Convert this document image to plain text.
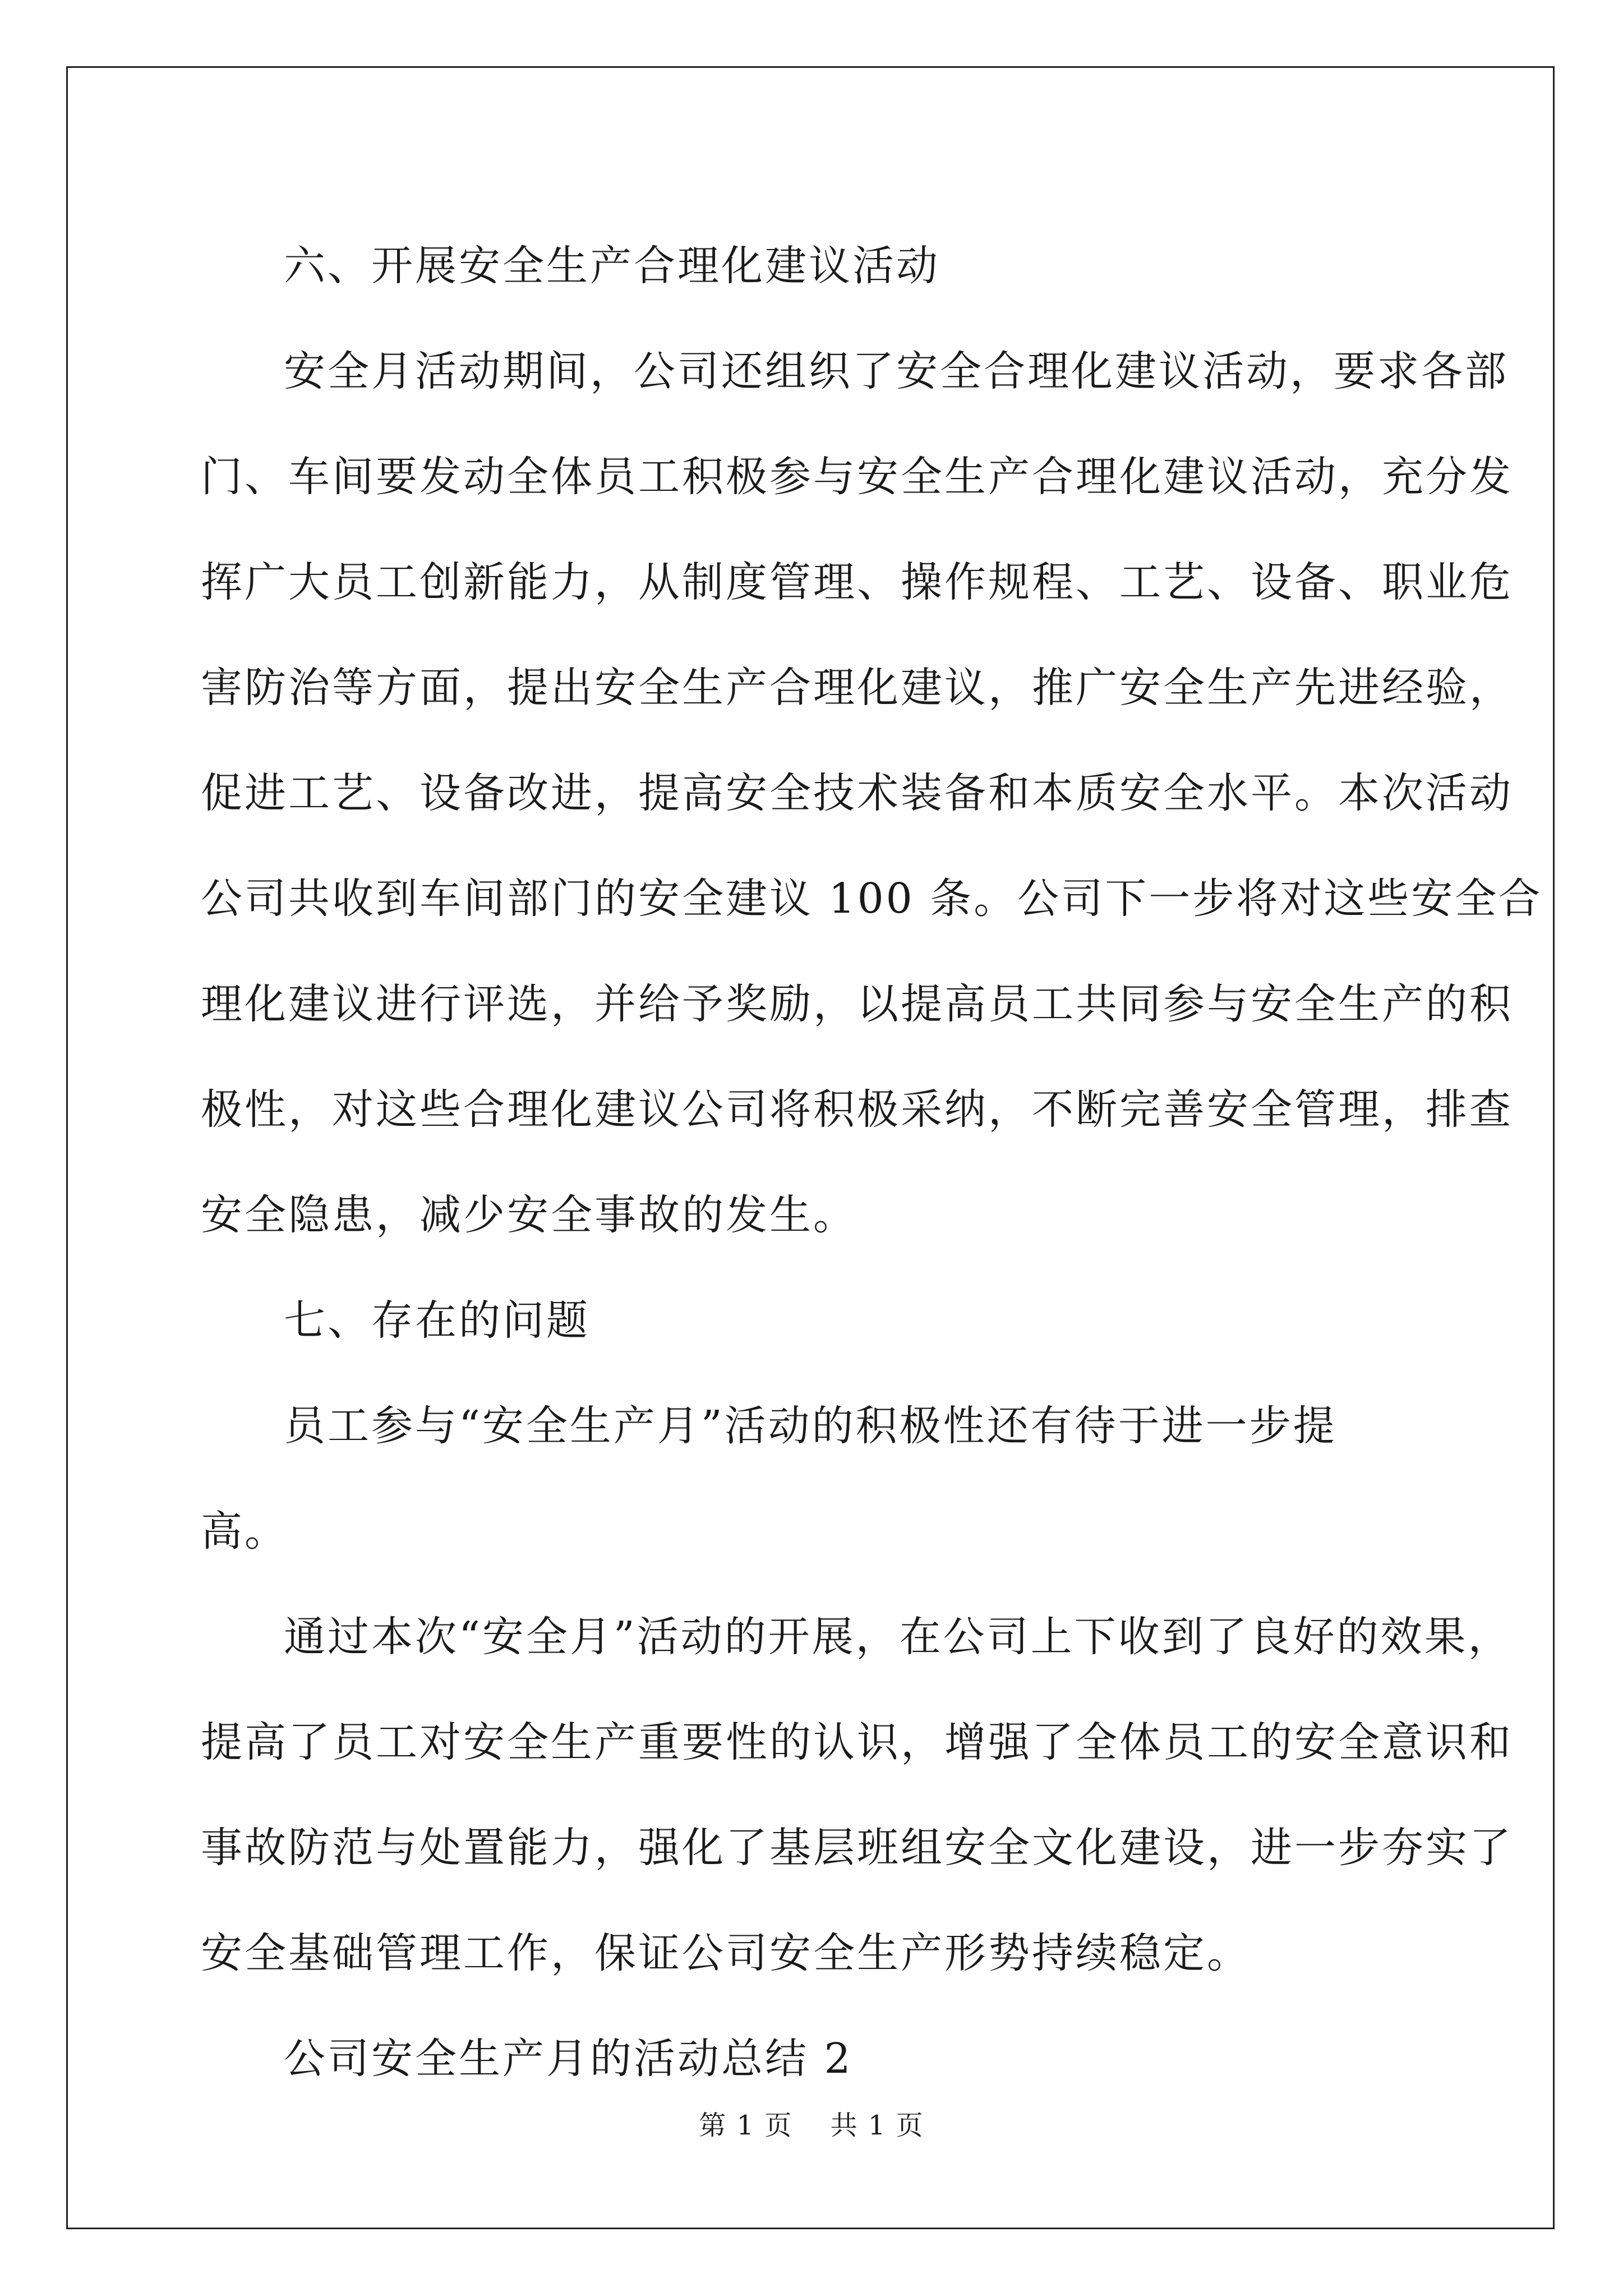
六、开展安全生产合理化建议活动

安全月活动期间，公司还组织了安全合理化建议活动，要求各部
门、车间要发动全体员工积极参与安全生产合理化建议活动，充分发
挥广大员工创新能力，从制度管理、操作规程、工艺、设备、职业危
害防治等方面，提出安全生产合理化建议，推广安全生产先进经验，
促进工艺、设备改进，提高安全技术装备和本质安全水平。本次活动
公司共收到车间部门的安全建议 100 条。公司下一步将对这些安全合
理化建议进行评选，并给予奖励，以提高员工共同参与安全生产的积
极性，对这些合理化建议公司将积极采纳，不断完善安全管理，排查
安全隐患，减少安全事故的发生。

七、存在的问题

员工参与“安全生产月”活动的积极性还有待于进一步提高。

通过本次“安全月”活动的开展，在公司上下收到了良好的效果，
提高了员工对安全生产重要性的认识，增强了全体员工的安全意识和
事故防范与处置能力，强化了基层班组安全文化建设，进一步夯实了
安全基础管理工作，保证公司安全生产形势持续稳定。

公司安全生产月的活动总结 2

第 1 页 共 1 页
